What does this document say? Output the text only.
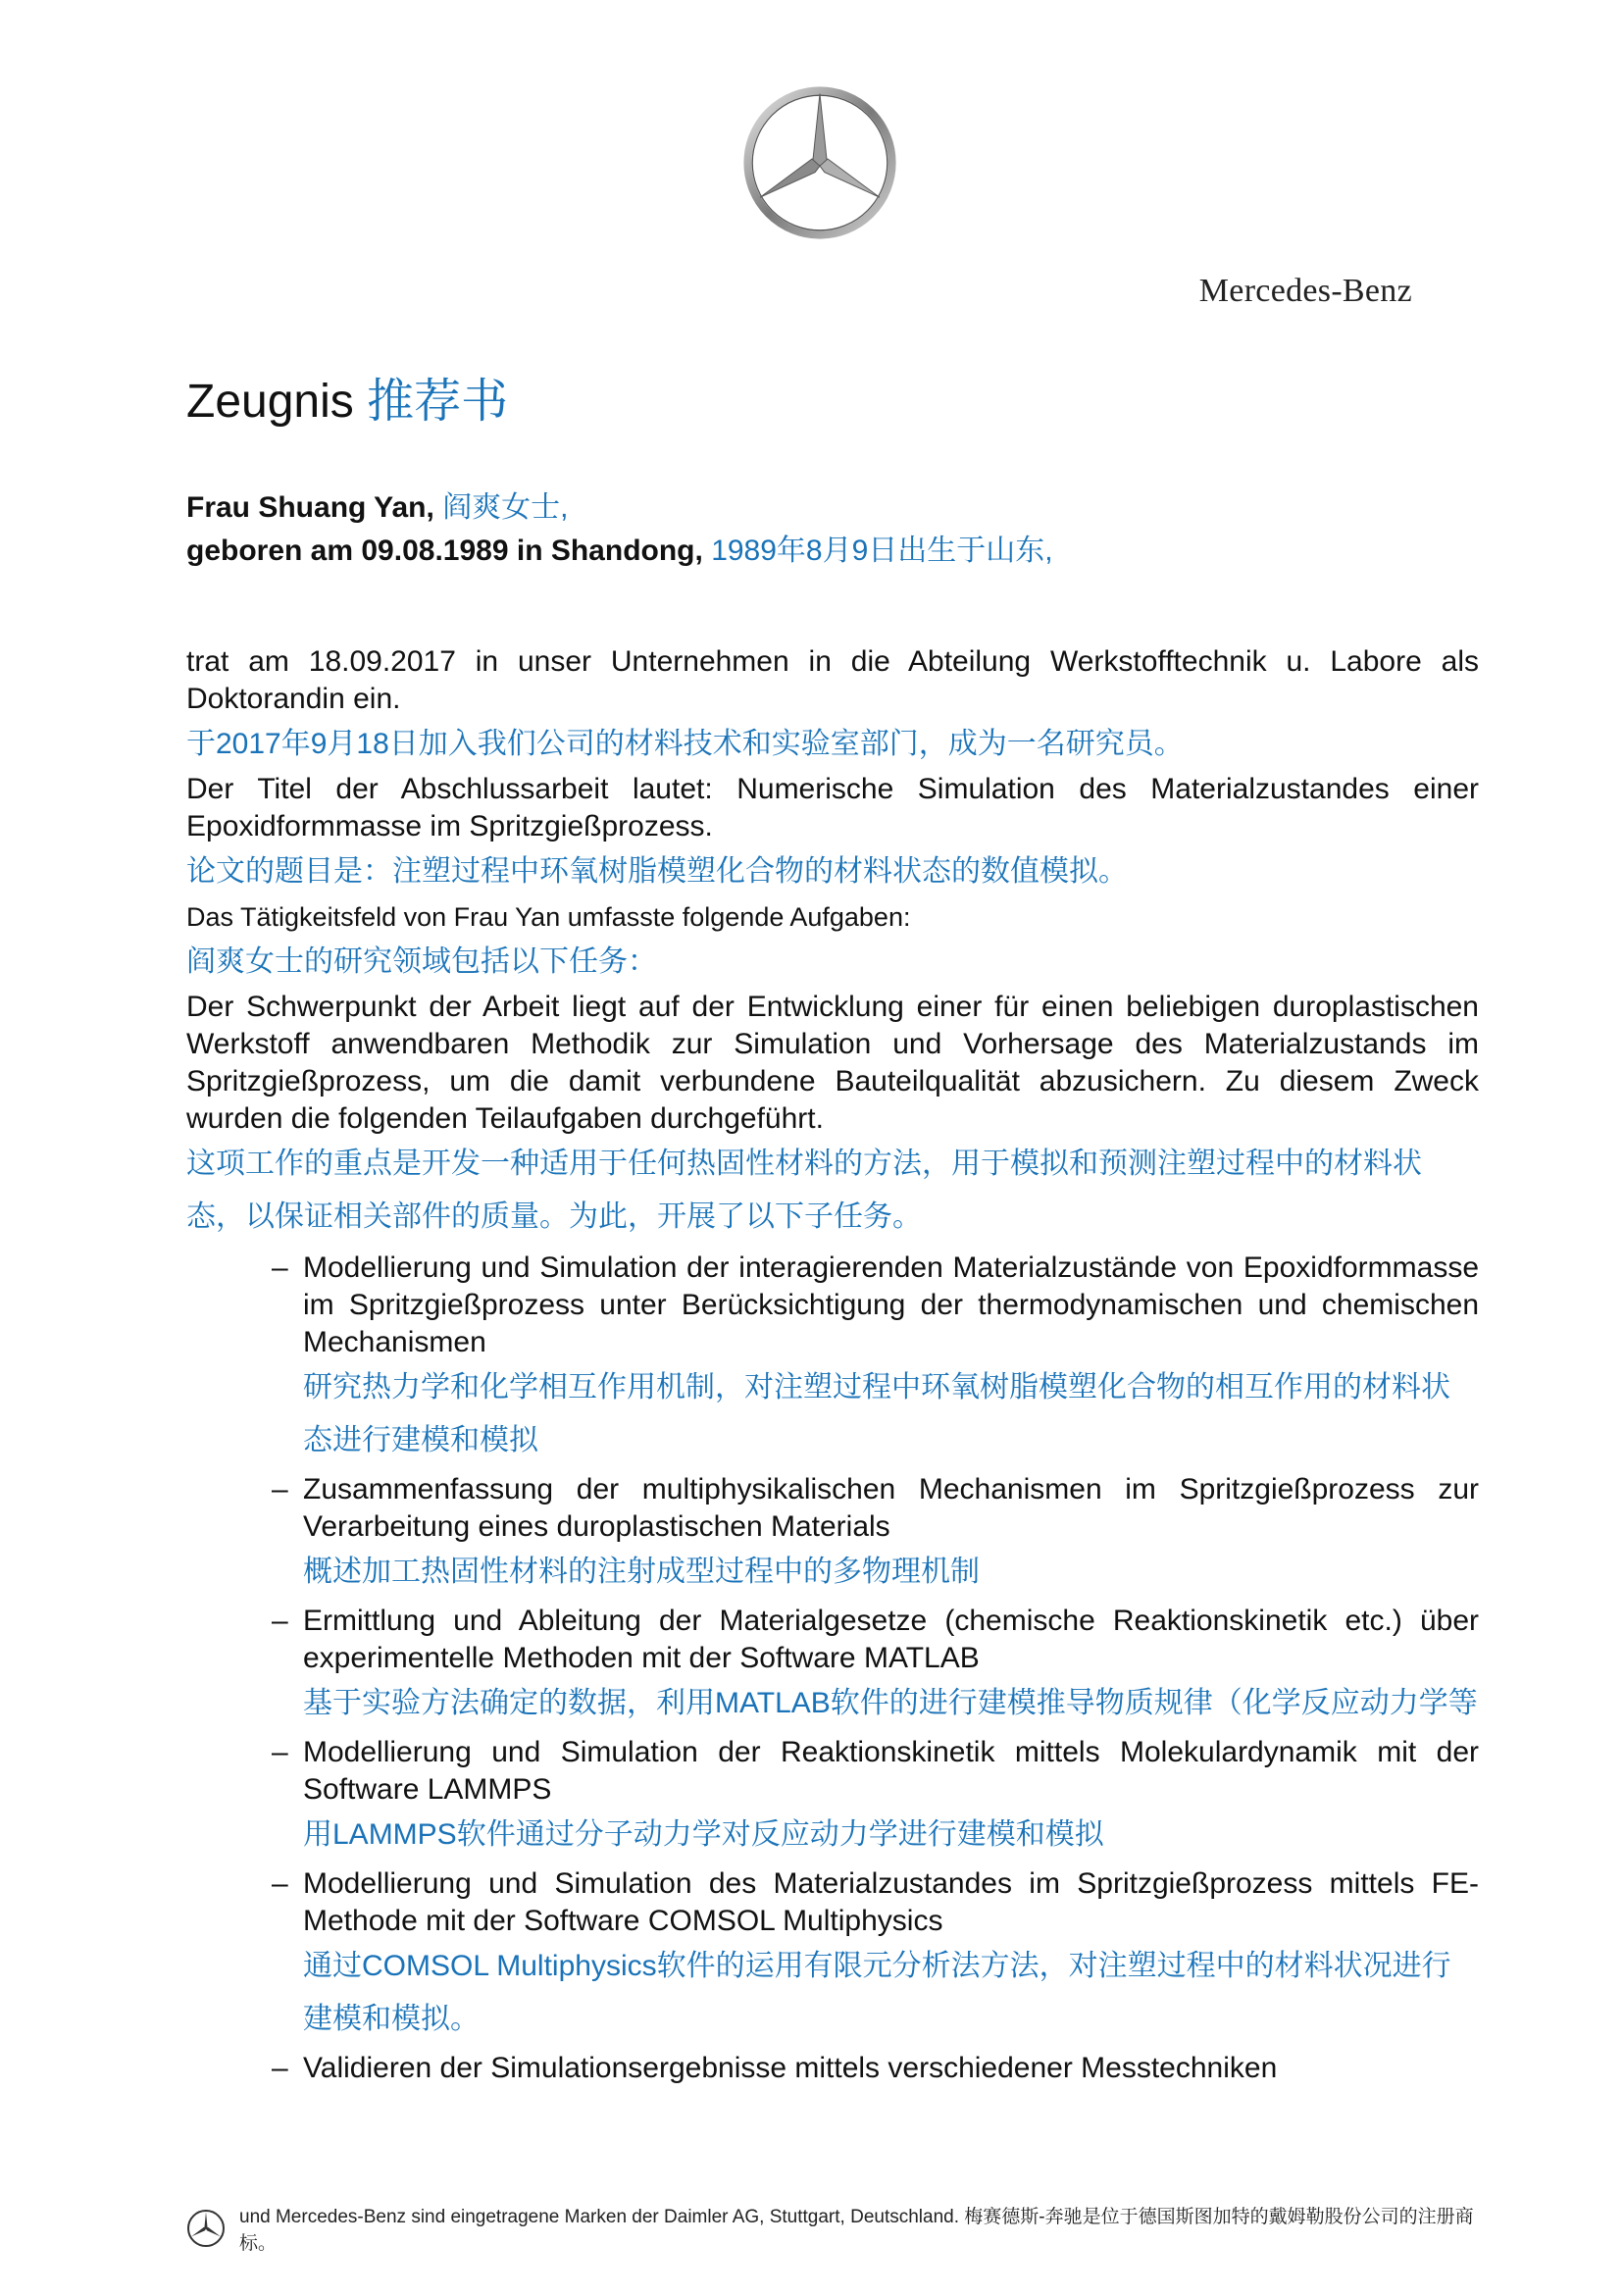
Mercedes-Benz
Zeugnis 推荐书
Frau Shuang Yan, 阎爽女士,
geboren am 09.08.1989 in Shandong, 1989年8月9日出生于山东,

trat am 18.09.2017 in unser Unternehmen in die Abteilung Werkstofftechnik u. Labore als Doktorandin ein.

于2017年9月18日加入我们公司的材料技术和实验室部门，成为一名研究员。

Der Titel der Abschlussarbeit lautet: Numerische Simulation des Materialzustandes einer Epoxidformmasse im Spritzgießprozess.

论文的题目是：注塑过程中环氧树脂模塑化合物的材料状态的数值模拟。

Das Tätigkeitsfeld von Frau Yan umfasste folgende Aufgaben:

阎爽女士的研究领域包括以下任务：

Der Schwerpunkt der Arbeit liegt auf der Entwicklung einer für einen beliebigen duroplastischen Werkstoff anwendbaren Methodik zur Simulation und Vorhersage des Materialzustands im Spritzgießprozess, um die damit verbundene Bauteilqualität abzusichern. Zu diesem Zweck wurden die folgenden Teilaufgaben durchgeführt.

这项工作的重点是开发一种适用于任何热固性材料的方法，用于模拟和预测注塑过程中的材料状态，以保证相关部件的质量。为此，开展了以下子任务。

– Modellierung und Simulation der interagierenden Materialzustände von Epoxidformmasse im Spritzgießprozess unter Berücksichtigung der thermodynamischen und chemischen Mechanismen

研究热力学和化学相互作用机制，对注塑过程中环氧树脂模塑化合物的相互作用的材料状态进行建模和模拟

– Zusammenfassung der multiphysikalischen Mechanismen im Spritzgießprozess zur Verarbeitung eines duroplastischen Materials

概述加工热固性材料的注射成型过程中的多物理机制

– Ermittlung und Ableitung der Materialgesetze (chemische Reaktionskinetik etc.) über experimentelle Methoden mit der Software MATLAB

基于实验方法确定的数据，利用MATLAB软件的进行建模推导物质规律（化学反应动力学等

– Modellierung und Simulation der Reaktionskinetik mittels Molekulardynamik mit der Software LAMMPS

用LAMMPS软件通过分子动力学对反应动力学进行建模和模拟

– Modellierung und Simulation des Materialzustandes im Spritzgießprozess mittels FE-Methode mit der Software COMSOL Multiphysics

通过COMSOL Multiphysics软件的运用有限元分析法方法，对注塑过程中的材料状况进行建模和模拟。

– Validieren der Simulationsergebnisse mittels verschiedener Messtechniken

und Mercedes-Benz sind eingetragene Marken der Daimler AG, Stuttgart, Deutschland. 梅赛德斯-奔驰是位于德国斯图加特的戴姆勒股份公司的注册商标。
